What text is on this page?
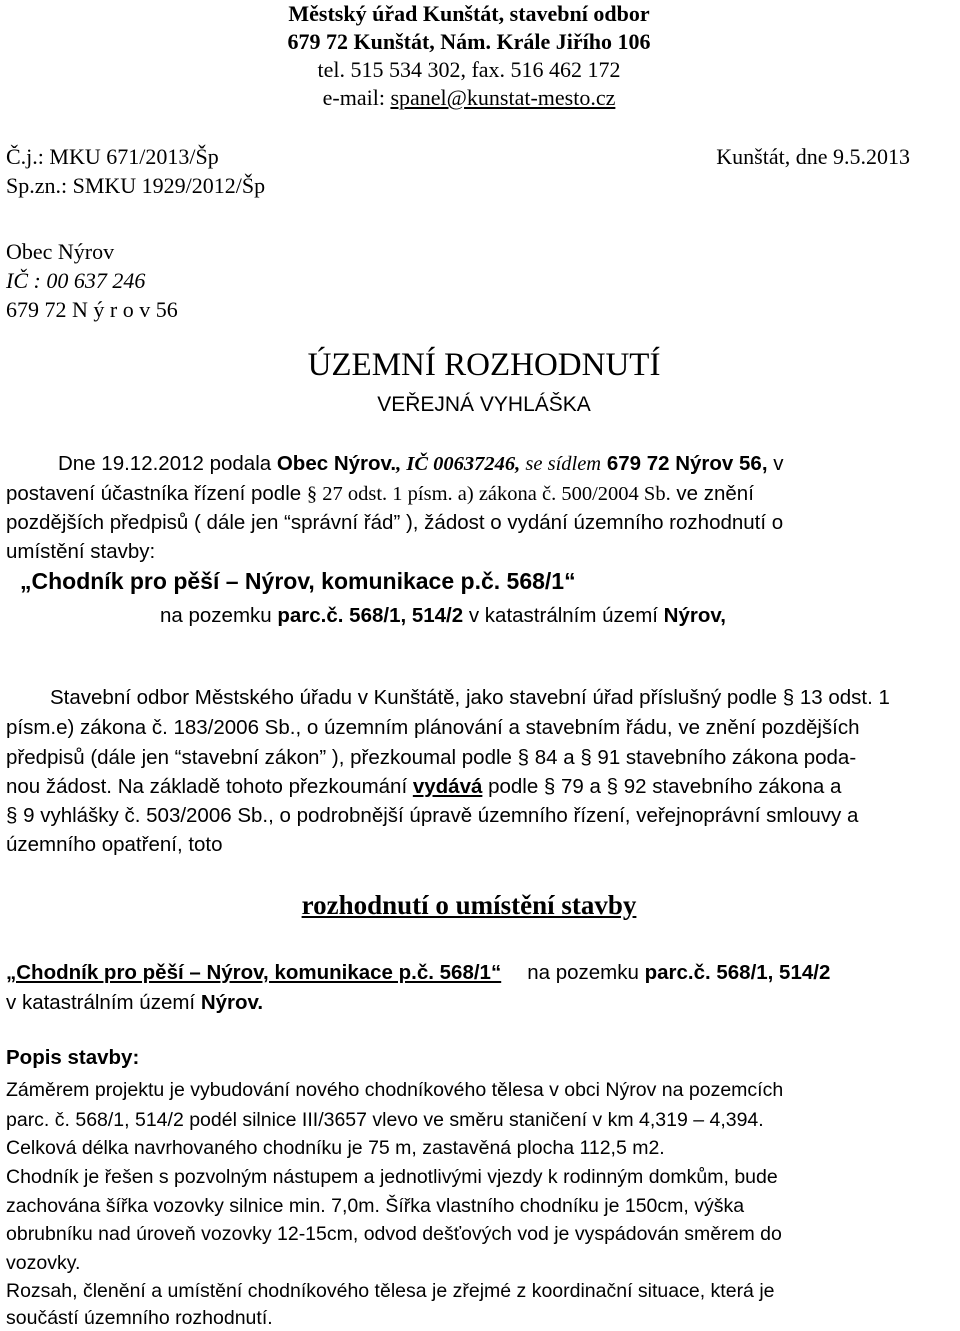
Městský úřad Kunštát, stavební odbor
679 72 Kunštát, Nám. Krále Jiřího 106
tel. 515 534 302, fax. 516 462 172
e-mail: spanel@kunstat-mesto.cz
Č.j.: MKU 671/2013/Šp	Kunštát, dne 9.5.2013
Sp.zn.: SMKU 1929/2012/Šp
Obec Nýrov
IČ : 00 637 246
679 72 N ý r o v 56
ÚZEMNÍ ROZHODNUTÍ
VEŘEJNÁ VYHLÁŠKA
Dne 19.12.2012 podala Obec Nýrov., IČ 00637246, se sídlem 679 72 Nýrov 56, v
postavení účastníka řízení podle § 27 odst. 1 písm. a) zákona č. 500/2004 Sb. ve znění
pozdějších předpisů ( dále jen “správní řád” ), žádost o vydání územního rozhodnutí o
umístění stavby:
„Chodník pro pěší – Nýrov, komunikace p.č. 568/1“
na pozemku parc.č. 568/1, 514/2 v katastrálním území Nýrov,
Stavební odbor Městského úřadu v Kunštátě, jako stavební úřad příslušný podle § 13 odst. 1
písm.e) zákona č. 183/2006 Sb., o územním plánování a stavebním řádu, ve znění pozdějších
předpisů (dále jen “stavební zákon” ), přezkoumal podle § 84 a § 91 stavebního zákona poda-
nou žádost. Na základě tohoto přezkoumání vydává podle § 79 a § 92 stavebního zákona a
§ 9 vyhlášky č. 503/2006 Sb., o podrobnější úpravě územního řízení, veřejnoprávní smlouvy a
územního opatření, toto
rozhodnutí o umístění stavby
„Chodník pro pěší – Nýrov, komunikace p.č. 568/1“ na pozemku parc.č. 568/1, 514/2
v katastrálním území Nýrov.
Popis stavby:
Záměrem projektu je vybudování nového chodníkového tělesa v obci Nýrov na pozemcích
parc. č. 568/1, 514/2 podél silnice III/3657 vlevo ve směru staničení v km 4,319 – 4,394.
Celková délka navrhovaného chodníku je 75 m, zastavěná plocha 112,5 m2.
Chodník je řešen s pozvolným nástupem a jednotlivými vjezdy k rodinným domkům, bude
zachována šířka vozovky silnice min. 7,0m. Šířka vlastního chodníku je 150cm, výška
obrubníku nad úroveň vozovky 12-15cm, odvod dešťových vod je vyspádován směrem do
vozovky.
Rozsah, členění a umístění chodníkového tělesa je zřejmé z koordinační situace, která je
součástí územního rozhodnutí.
